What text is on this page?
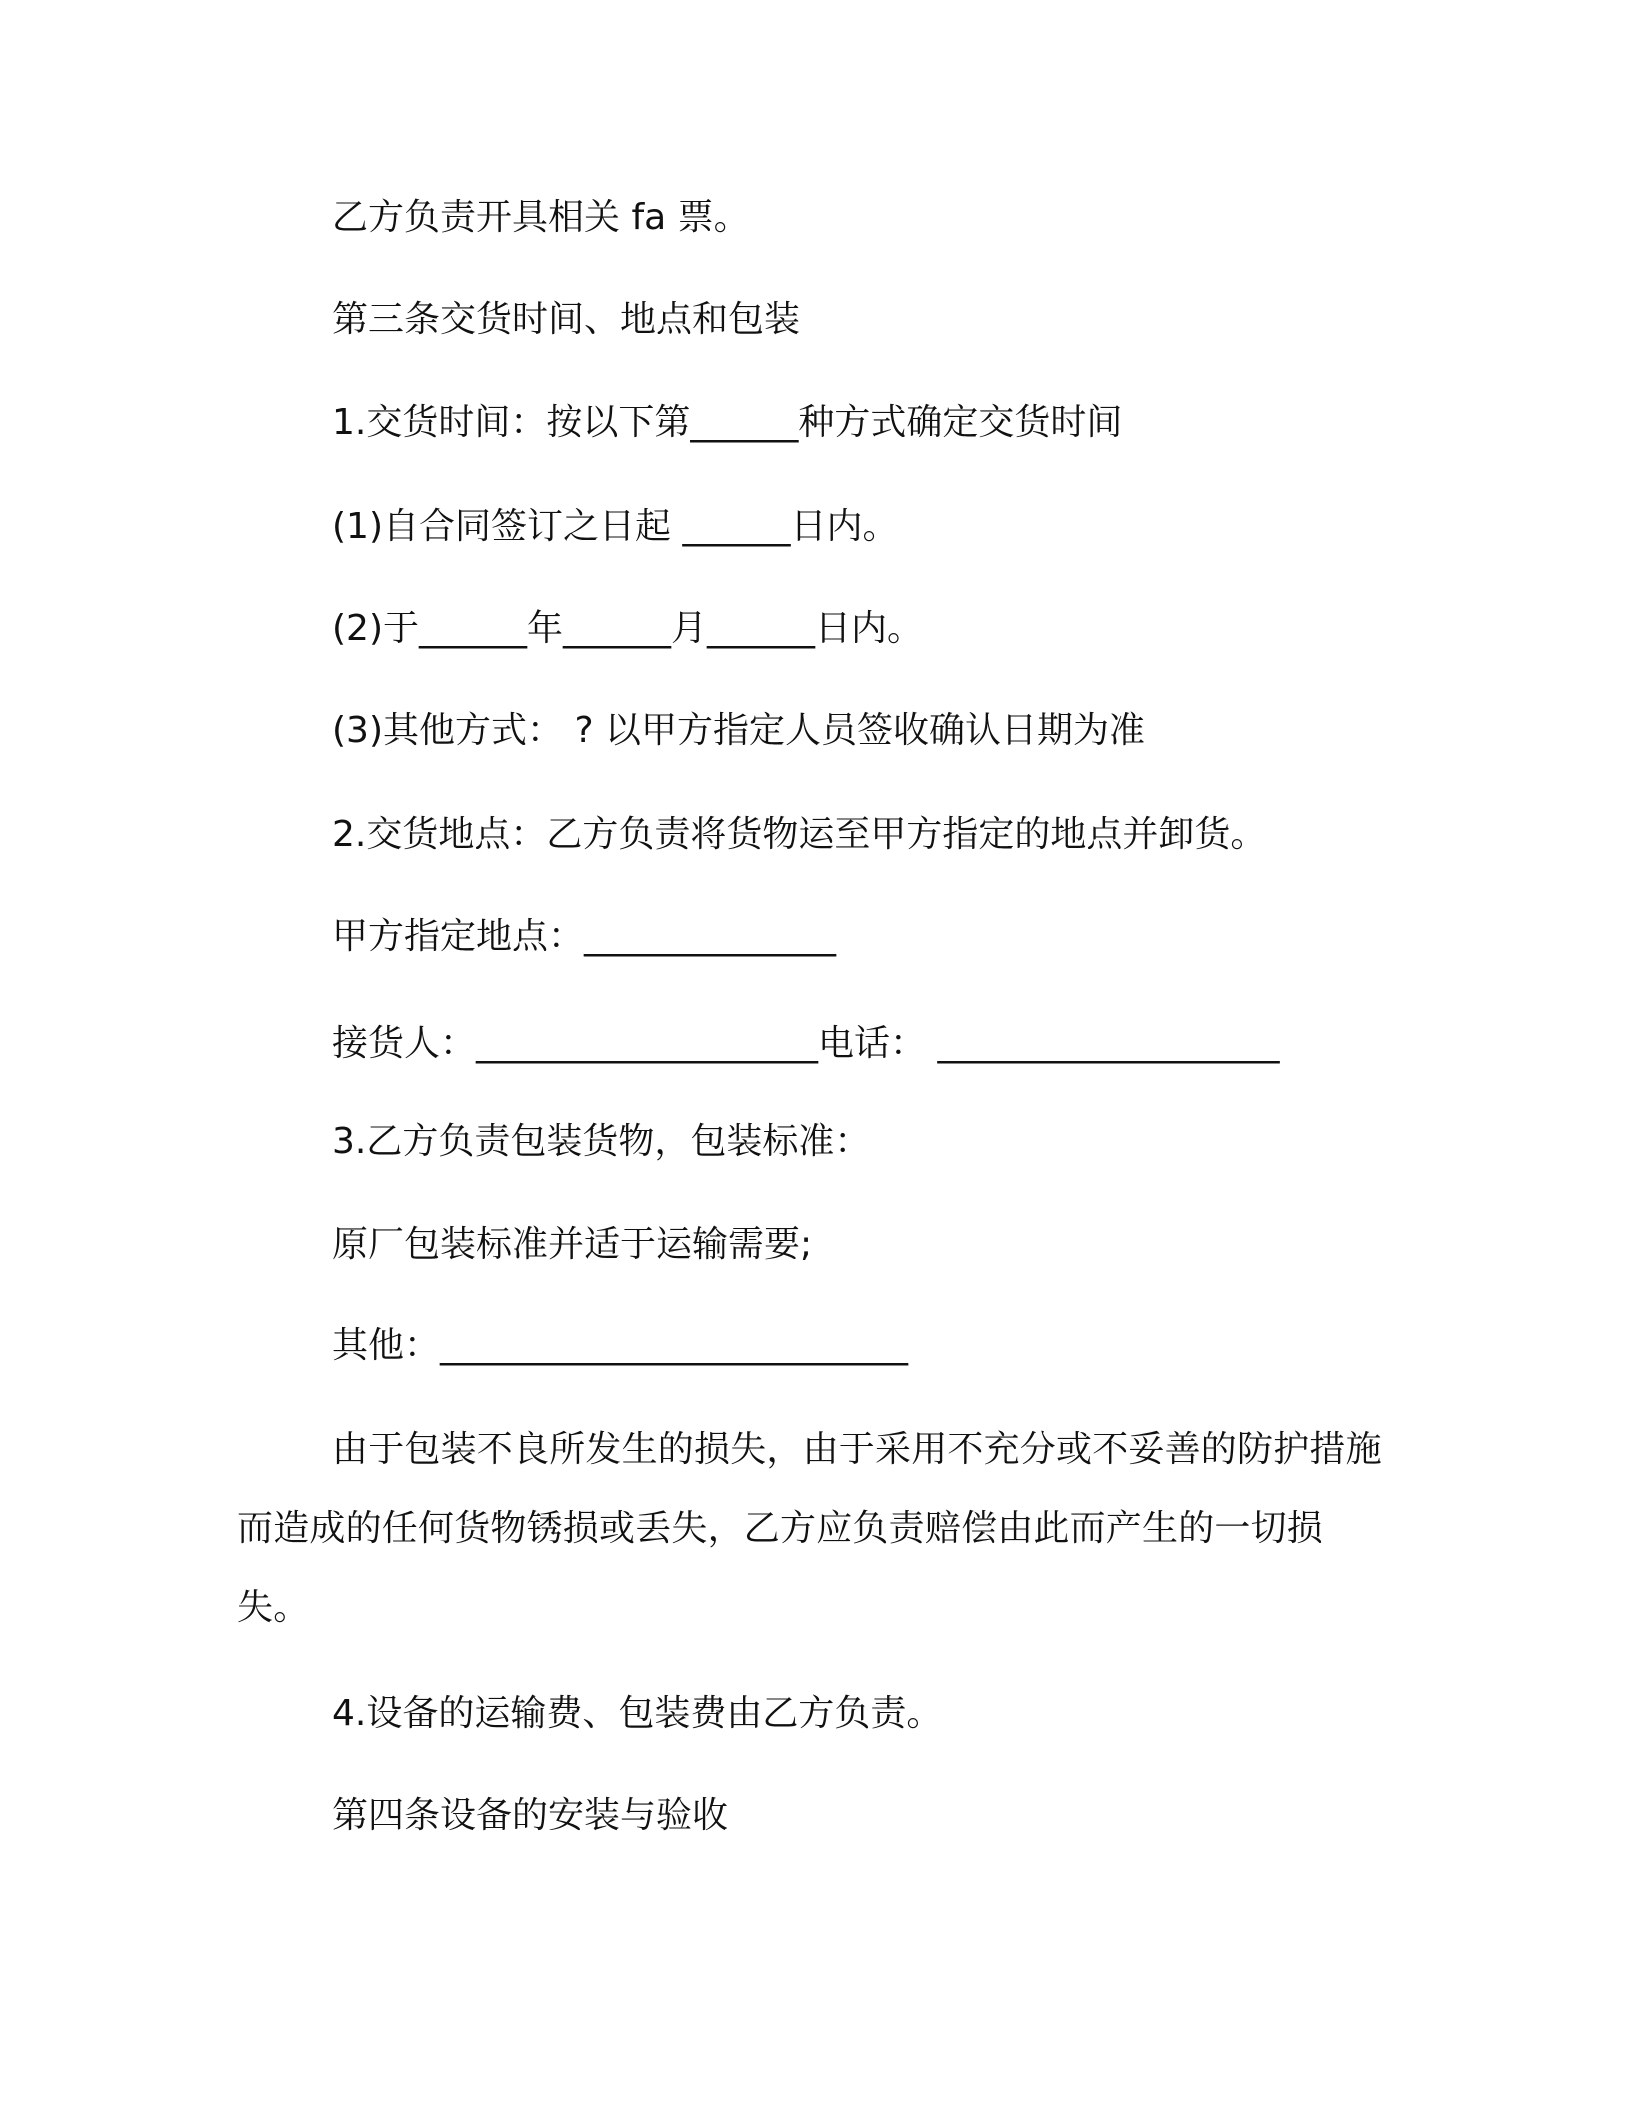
乙方负责开具相关 fa 票。
第三条交货时间、地点和包装
1.交货时间：按以下第______种方式确定交货时间
(1)自合同签订之日起 ______日内。
(2)于______年______月______日内。
(3)其他方式： ? 以甲方指定人员签收确认日期为准
2.交货地点：乙方负责将货物运至甲方指定的地点并卸货。
甲方指定地点：______________
接货人：___________________电话： ___________________
3.乙方负责包装货物，包装标准：
原厂包装标准并适于运输需要;
其他：__________________________
由于包装不良所发生的损失，由于采用不充分或不妥善的防护措施而造成的任何货物锈损或丢失，乙方应负责赔偿由此而产生的一切损失。
4.设备的运输费、包装费由乙方负责。
第四条设备的安装与验收
